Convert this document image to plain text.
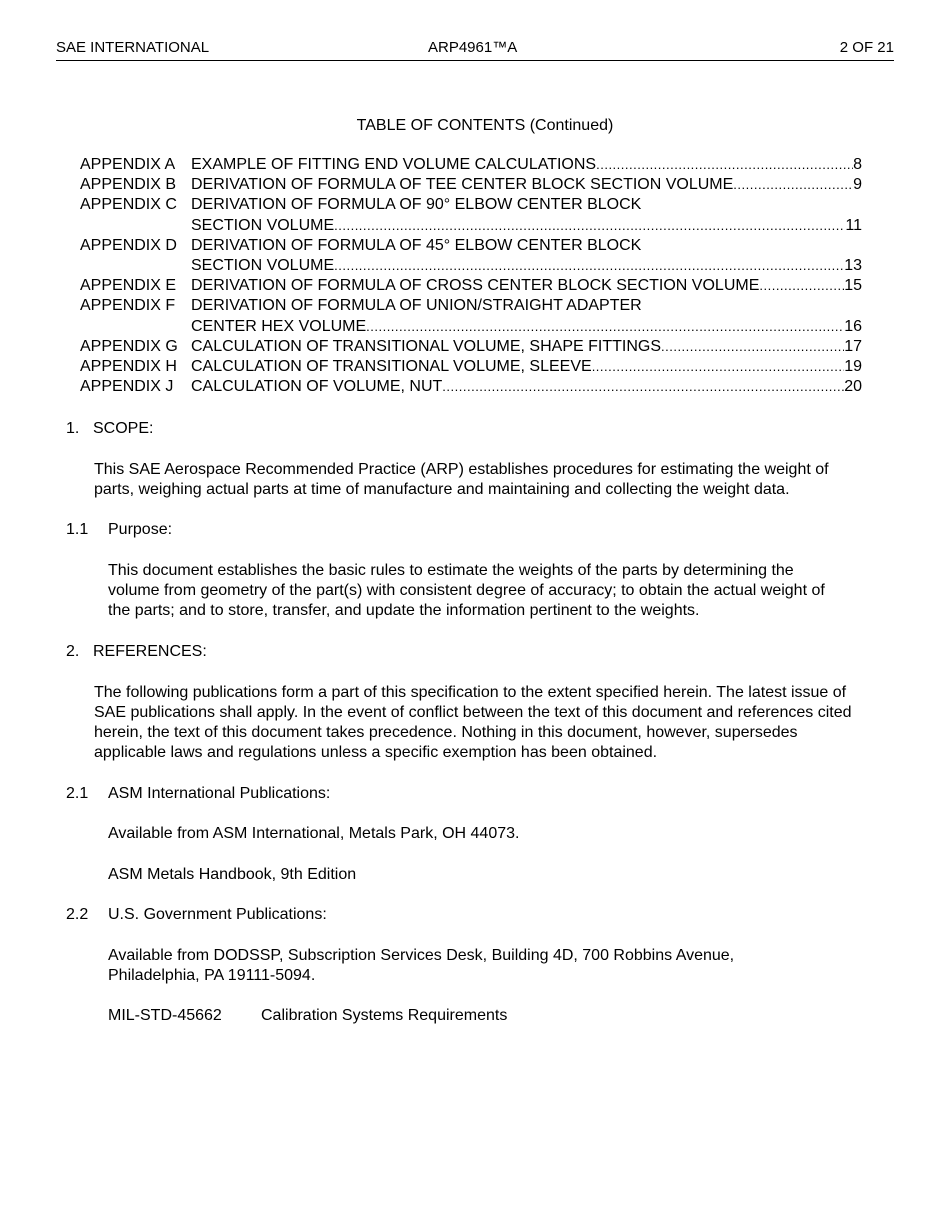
SAE INTERNATIONAL	ARP4961™A	2 OF 21
TABLE OF CONTENTS (Continued)
APPENDIX A EXAMPLE OF FITTING END VOLUME CALCULATIONS .....	8
APPENDIX B DERIVATION OF FORMULA OF TEE CENTER BLOCK SECTION VOLUME .....	9
APPENDIX C DERIVATION OF FORMULA OF 90° ELBOW CENTER BLOCK
SECTION VOLUME .....	11
APPENDIX D DERIVATION OF FORMULA OF 45° ELBOW CENTER BLOCK
SECTION VOLUME .....	13
APPENDIX E DERIVATION OF FORMULA OF CROSS CENTER BLOCK SECTION VOLUME .....	15
APPENDIX F DERIVATION OF FORMULA OF UNION/STRAIGHT ADAPTER
CENTER HEX VOLUME .....	16
APPENDIX G CALCULATION OF TRANSITIONAL VOLUME, SHAPE FITTINGS .....	17
APPENDIX H CALCULATION OF TRANSITIONAL VOLUME, SLEEVE .....	19
APPENDIX J	CALCULATION OF VOLUME, NUT .....	20
1. SCOPE:

This SAE Aerospace Recommended Practice (ARP) establishes procedures for estimating the weight of parts, weighing actual parts at time of manufacture and maintaining and collecting the weight data.

1.1 Purpose:

This document establishes the basic rules to estimate the weights of the parts by determining the volume from geometry of the part(s) with consistent degree of accuracy; to obtain the actual weight of the parts; and to store, transfer, and update the information pertinent to the weights.

2. REFERENCES:

The following publications form a part of this specification to the extent specified herein. The latest issue of SAE publications shall apply. In the event of conflict between the text of this document and references cited herein, the text of this document takes precedence. Nothing in this document, however, supersedes applicable laws and regulations unless a specific exemption has been obtained.

2.1 ASM International Publications:

Available from ASM International, Metals Park, OH 44073.

ASM Metals Handbook, 9th Edition

2.2 U.S. Government Publications:

Available from DODSSP, Subscription Services Desk, Building 4D, 700 Robbins Avenue, Philadelphia, PA 19111-5094.

MIL-STD-45662 Calibration Systems Requirements
